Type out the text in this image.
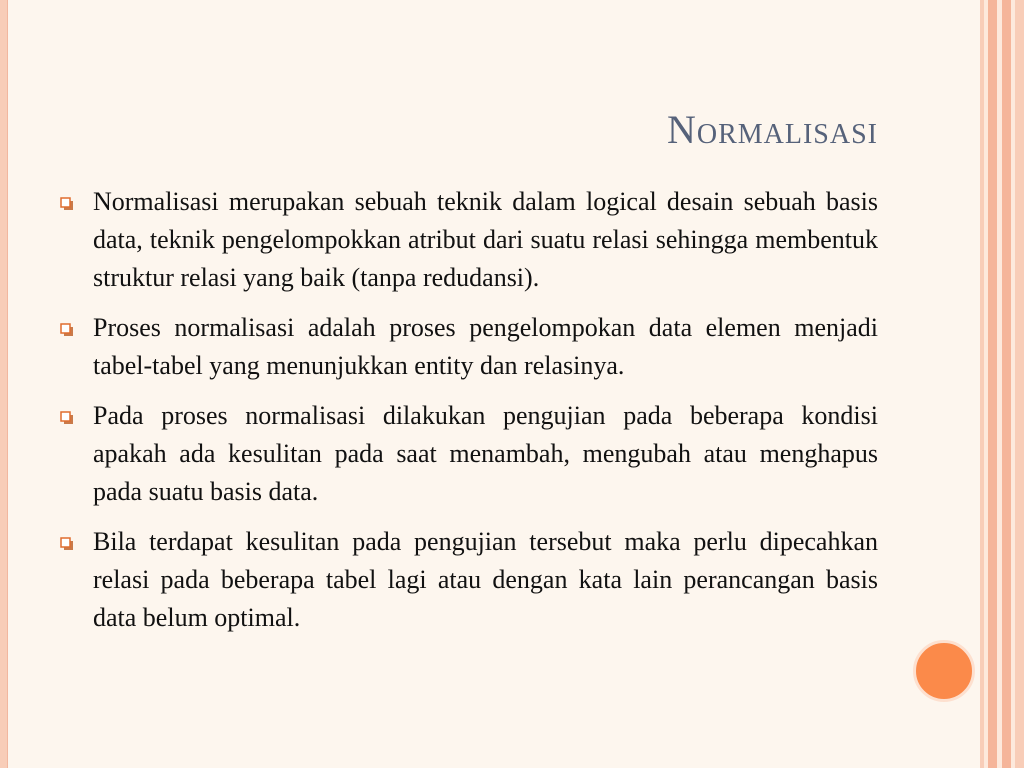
Normalisasi
Normalisasi merupakan sebuah teknik dalam logical desain sebuah basis data, teknik pengelompokkan atribut dari suatu relasi sehingga membentuk struktur relasi yang baik (tanpa redudansi).
Proses normalisasi adalah proses pengelompokan data elemen menjadi tabel-tabel yang menunjukkan entity dan relasinya.
Pada proses normalisasi dilakukan pengujian pada beberapa kondisi apakah ada kesulitan pada saat menambah, mengubah atau menghapus pada suatu basis data.
Bila terdapat kesulitan pada pengujian tersebut maka perlu dipecahkan relasi pada beberapa tabel lagi atau dengan kata lain perancangan basis data belum optimal.
